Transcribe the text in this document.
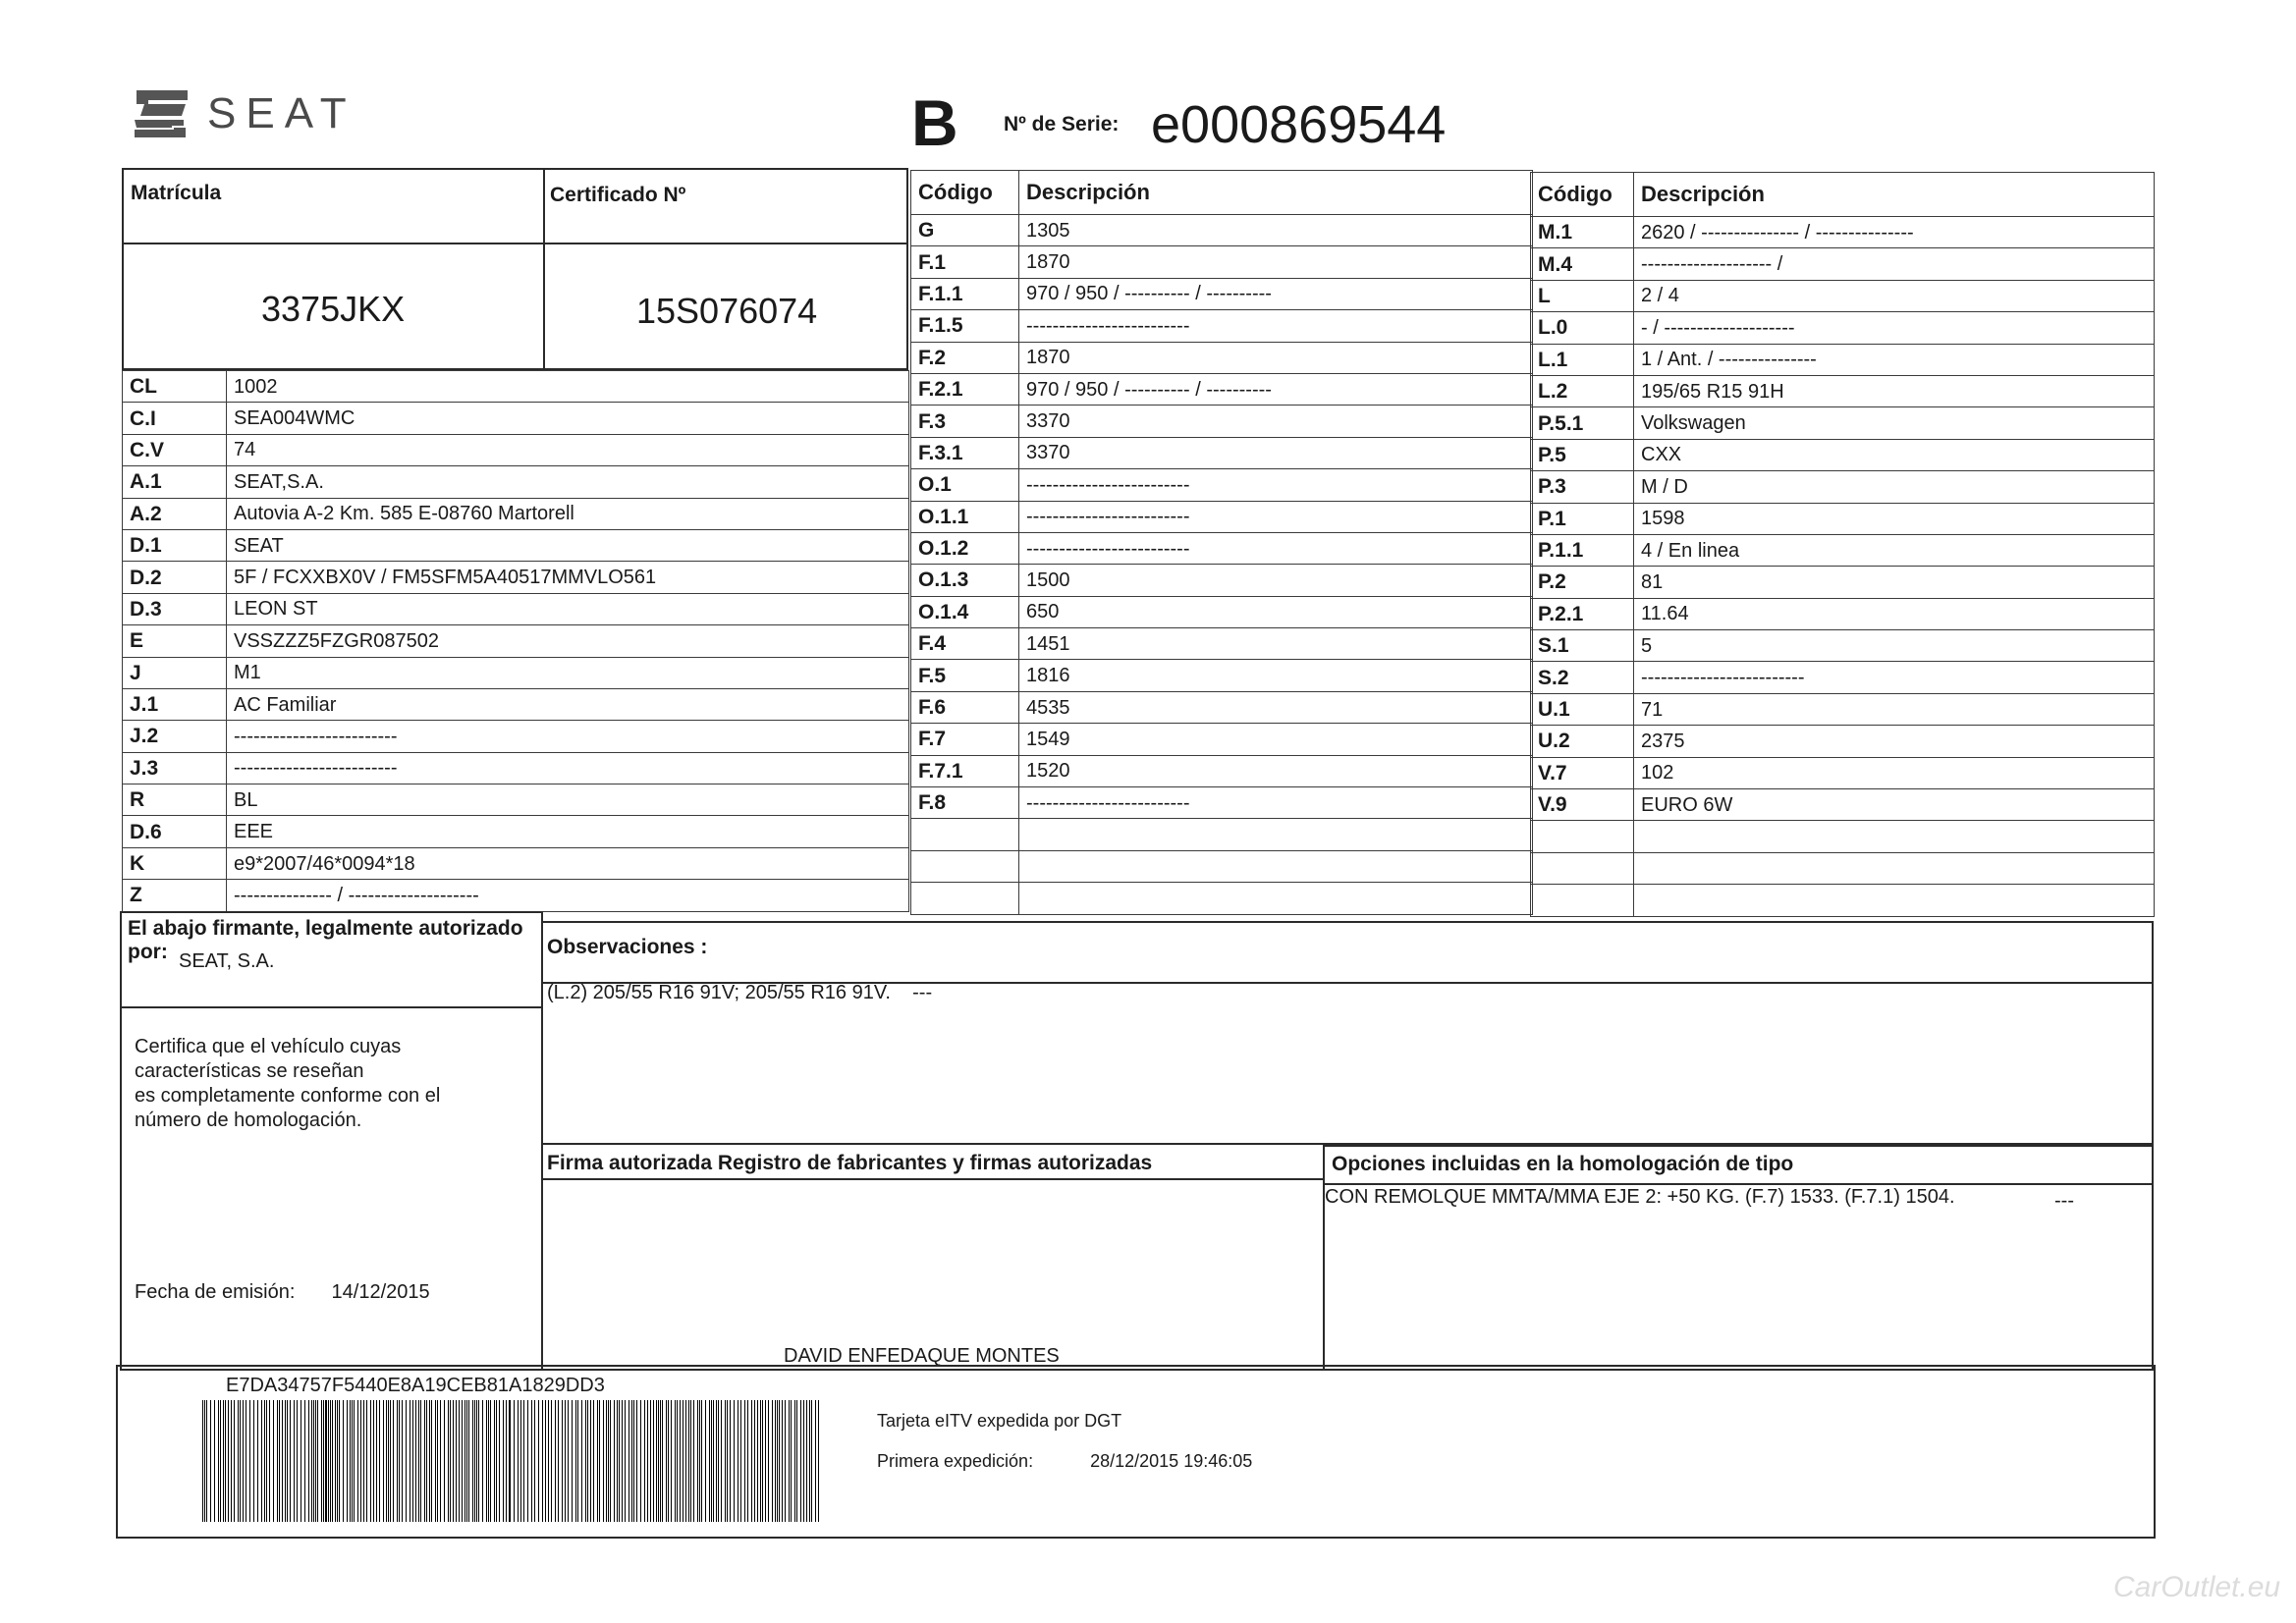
SEAT	B Nº de Serie: e000869544
Matrícula	Certificado Nº
3375JKX	15S076074
CL	1002
C.I	SEA004WMC
C.V	74
A.1	SEAT,S.A.
A.2	Autovia A-2 Km. 585 E-08760 Martorell
D.1	SEAT
D.2	5F / FCXXBX0V / FM5SFM5A40517MMVLO561
D.3	LEON ST
E	VSSZZZ5FZGR087502
J	M1
J.1	AC Familiar
J.2	-------------------------
J.3	-------------------------
R	BL
D.6	EEE
K	e9*2007/46*0094*18
Z	--------------- / --------------------
Código	Descripción
G	1305
F.1	1870
F.1.1	970 / 950 / ---------- / ----------
F.1.5	-------------------------
F.2	1870
F.2.1	970 / 950 / ---------- / ----------
F.3	3370
F.3.1	3370
O.1	-------------------------
O.1.1	-------------------------
O.1.2	-------------------------
O.1.3	1500
O.1.4	650
F.4	1451
F.5	1816
F.6	4535
F.7	1549
F.7.1	1520
F.8	-------------------------

Código	Descripción
M.1	2620 / --------------- / ---------------
M.4	-------------------- /
L	2 / 4
L.0	- / --------------------
L.1	1 / Ant. / ---------------
L.2	195/65 R15 91H
P.5.1	Volkswagen
P.5	CXX
P.3	M / D
P.1	1598
P.1.1	4 / En linea
P.2	81
P.2.1	11.64
S.1	5
S.2	-------------------------
U.1	71
U.2	2375
V.7	102
V.9	EURO 6W

El abajo firmante, legalmente autorizado
por: SEAT, S.A.
Certifica que el vehículo cuyas
características se reseñan
es completamente conforme con el
número de homologación.
Fecha de emisión: 14/12/2015
Observaciones :
(L.2) 205/55 R16 91V; 205/55 R16 91V.    ---
Firma autorizada Registro de fabricantes y firmas autorizadas
DAVID ENFEDAQUE MONTES
Opciones incluidas en la homologación de tipo
CON REMOLQUE MMTA/MMA EJE 2: +50 KG. (F.7) 1533. (F.7.1) 1504.	---
E7DA34757F5440E8A19CEB81A1829DD3
Tarjeta eITV expedida por DGT
Primera expedición:	28/12/2015 19:46:05
CarOutlet.eu
